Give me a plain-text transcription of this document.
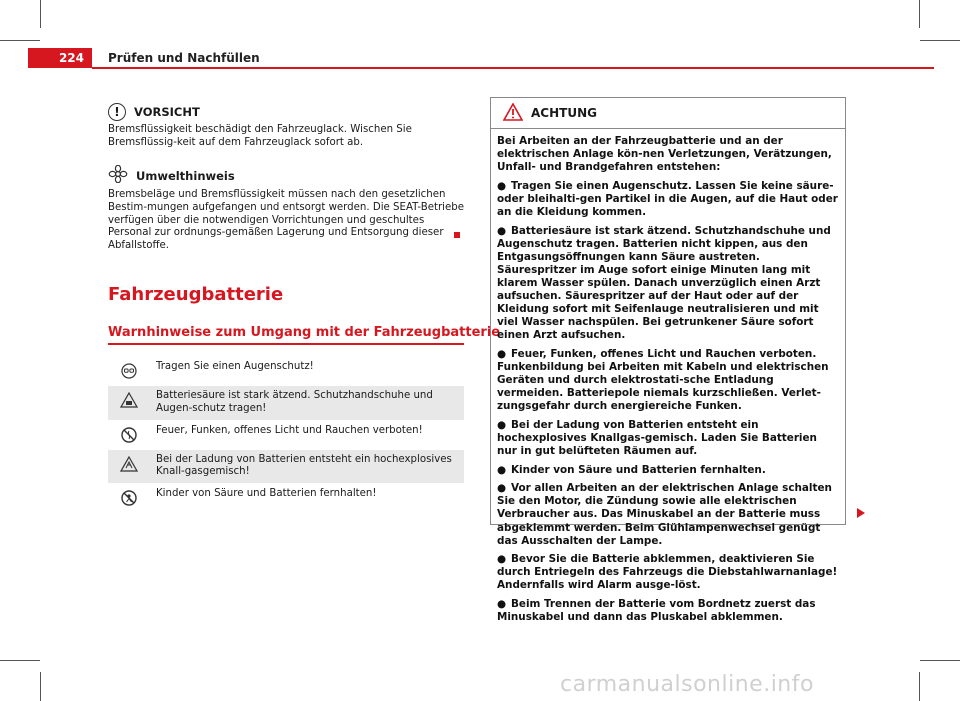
224	Prüfen und Nachfüllen
!	VORSICHT
Bremsflüssigkeit beschädigt den Fahrzeuglack. Wischen Sie Bremsflüssig-keit auf dem Fahrzeuglack sofort ab.
Umwelthinweis
Bremsbeläge und Bremsflüssigkeit müssen nach den gesetzlichen Bestim-mungen aufgefangen und entsorgt werden. Die SEAT-Betriebe verfügen über die notwendigen Vorrichtungen und geschultes Personal zur ordnungs-gemäßen Lagerung und Entsorgung dieser Abfallstoffe.
Fahrzeugbatterie
Warnhinweise zum Umgang mit der Fahrzeugbatterie
Tragen Sie einen Augenschutz!
Batteriesäure ist stark ätzend. Schutzhandschuhe und Augen-schutz tragen!
Feuer, Funken, offenes Licht und Rauchen verboten!
Bei der Ladung von Batterien entsteht ein hochexplosives Knall-gasgemisch!
Kinder von Säure und Batterien fernhalten!
ACHTUNG

Bei Arbeiten an der Fahrzeugbatterie und an der elektrischen Anlage kön-nen Verletzungen, Verätzungen, Unfall- und Brandgefahren entstehen:

● Tragen Sie einen Augenschutz. Lassen Sie keine säure- oder bleihalti-gen Partikel in die Augen, auf die Haut oder an die Kleidung kommen.

● Batteriesäure ist stark ätzend. Schutzhandschuhe und Augenschutz tragen. Batterien nicht kippen, aus den Entgasungsöffnungen kann Säure austreten. Säurespritzer im Auge sofort einige Minuten lang mit klarem Wasser spülen. Danach unverzüglich einen Arzt aufsuchen. Säurespritzer auf der Haut oder auf der Kleidung sofort mit Seifenlauge neutralisieren und mit viel Wasser nachspülen. Bei getrunkener Säure sofort einen Arzt aufsuchen.

● Feuer, Funken, offenes Licht und Rauchen verboten. Funkenbildung bei Arbeiten mit Kabeln und elektrischen Geräten und durch elektrostati-sche Entladung vermeiden. Batteriepole niemals kurzschließen. Verlet-zungsgefahr durch energiereiche Funken.

● Bei der Ladung von Batterien entsteht ein hochexplosives Knallgas-gemisch. Laden Sie Batterien nur in gut belüfteten Räumen auf.

● Kinder von Säure und Batterien fernhalten.

● Vor allen Arbeiten an der elektrischen Anlage schalten Sie den Motor, die Zündung sowie alle elektrischen Verbraucher aus. Das Minuskabel an der Batterie muss abgeklemmt werden. Beim Glühlampenwechsel genügt das Ausschalten der Lampe.

● Bevor Sie die Batterie abklemmen, deaktivieren Sie durch Entriegeln des Fahrzeugs die Diebstahlwarnanlage! Andernfalls wird Alarm ausge-löst.

● Beim Trennen der Batterie vom Bordnetz zuerst das Minuskabel und dann das Pluskabel abklemmen.

carmanualsonline.info
